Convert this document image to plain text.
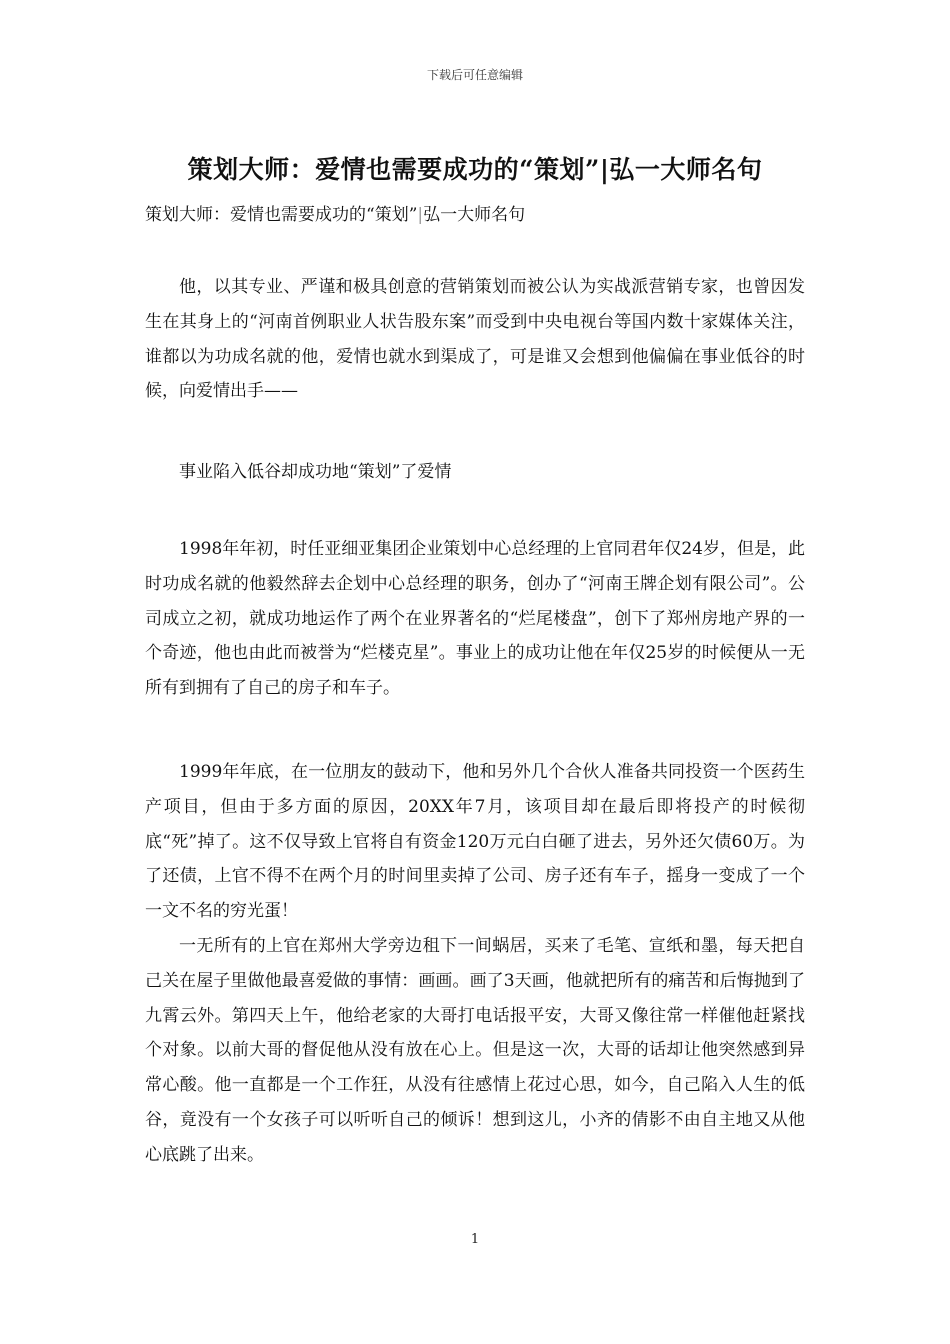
下载后可任意编辑
策划大师：爱情也需要成功的“策划”|弘一大师名句
策划大师：爱情也需要成功的“策划”|弘一大师名句

他，以其专业、严谨和极具创意的营销策划而被公认为实战派营销专家，也曾因发生在其身上的“河南首例职业人状告股东案”而受到中央电视台等国内数十家媒体关注，谁都以为功成名就的他，爱情也就水到渠成了，可是谁又会想到他偏偏在事业低谷的时候，向爱情出手——

事业陷入低谷却成功地“策划”了爱情

1998年年初，时任亚细亚集团企业策划中心总经理的上官同君年仅24岁，但是，此时功成名就的他毅然辞去企划中心总经理的职务，创办了“河南王牌企划有限公司”。公司成立之初，就成功地运作了两个在业界著名的“烂尾楼盘”，创下了郑州房地产界的一个奇迹，他也由此而被誉为“烂楼克星”。事业上的成功让他在年仅25岁的时候便从一无所有到拥有了自己的房子和车子。

1999年年底，在一位朋友的鼓动下，他和另外几个合伙人准备共同投资一个医药生产项目，但由于多方面的原因，20XX年7月，该项目却在最后即将投产的时候彻底“死”掉了。这不仅导致上官将自有资金120万元白白砸了进去，另外还欠债60万。为了还债，上官不得不在两个月的时间里卖掉了公司、房子还有车子，摇身一变成了一个一文不名的穷光蛋！

一无所有的上官在郑州大学旁边租下一间蜗居，买来了毛笔、宣纸和墨，每天把自己关在屋子里做他最喜爱做的事情：画画。画了3天画，他就把所有的痛苦和后悔抛到了九霄云外。第四天上午，他给老家的大哥打电话报平安，大哥又像往常一样催他赶紧找个对象。以前大哥的督促他从没有放在心上。但是这一次，大哥的话却让他突然感到异常心酸。他一直都是一个工作狂，从没有往感情上花过心思，如今，自己陷入人生的低谷，竟没有一个女孩子可以听听自己的倾诉！想到这儿，小齐的倩影不由自主地又从他心底跳了出来。

1
